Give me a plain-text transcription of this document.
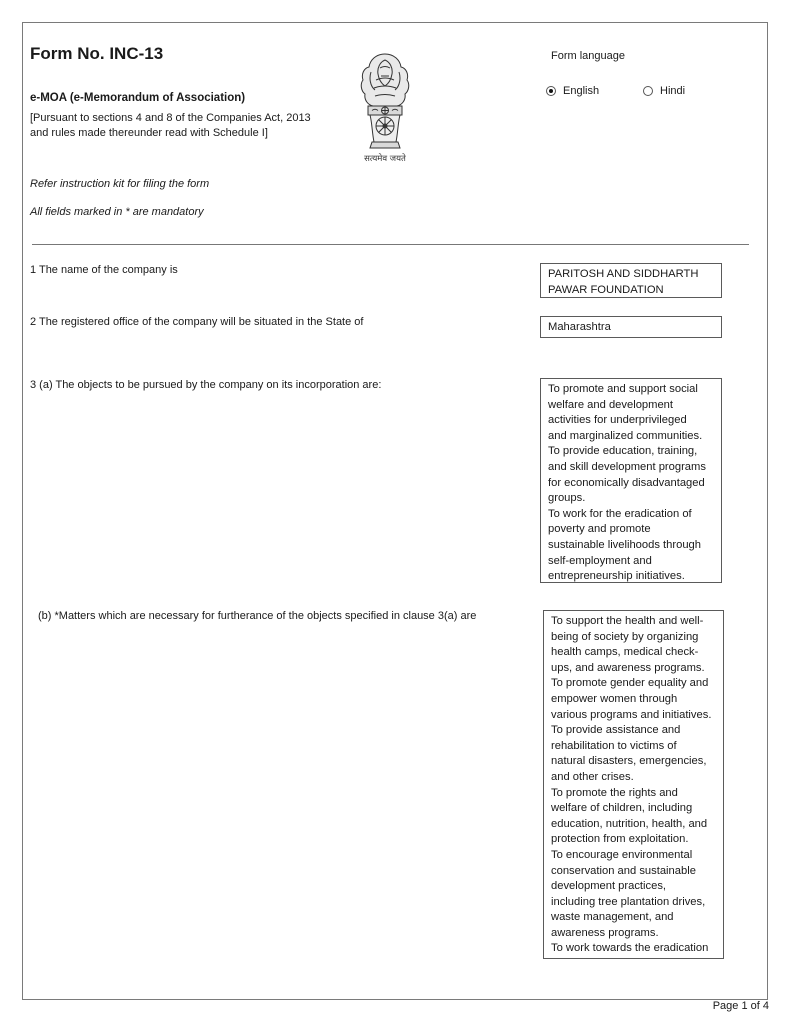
Form No. INC-13
e-MOA (e-Memorandum of Association)
[Pursuant to sections 4 and 8 of the Companies Act, 2013 and rules made thereunder read with Schedule I]
Refer instruction kit for filing the form
All fields marked in * are mandatory
सत्यमेव जयते
Form language
English	Hindi
1 The name of the company is	PARITOSH AND SIDDHARTH
PAWAR FOUNDATION
2 The registered office of the company will be situated in the State of	Maharashtra
3 (a) The objects to be pursued by the company on its incorporation are:	To promote and support social
welfare and development
activities for underprivileged
and marginalized communities.
To provide education, training,
and skill development programs
for economically disadvantaged
groups.
To work for the eradication of
poverty and promote
sustainable livelihoods through
self-employment and
entrepreneurship initiatives.
(b) *Matters which are necessary for furtherance of the objects specified in clause 3(a) are	To support the health and well-
being of society by organizing
health camps, medical check-
ups, and awareness programs.
To promote gender equality and
empower women through
various programs and initiatives.
To provide assistance and
rehabilitation to victims of
natural disasters, emergencies,
and other crises.
To promote the rights and
welfare of children, including
education, nutrition, health, and
protection from exploitation.
To encourage environmental
conservation and sustainable
development practices,
including tree plantation drives,
waste management, and
awareness programs.
To work towards the eradication
Page 1 of 4
